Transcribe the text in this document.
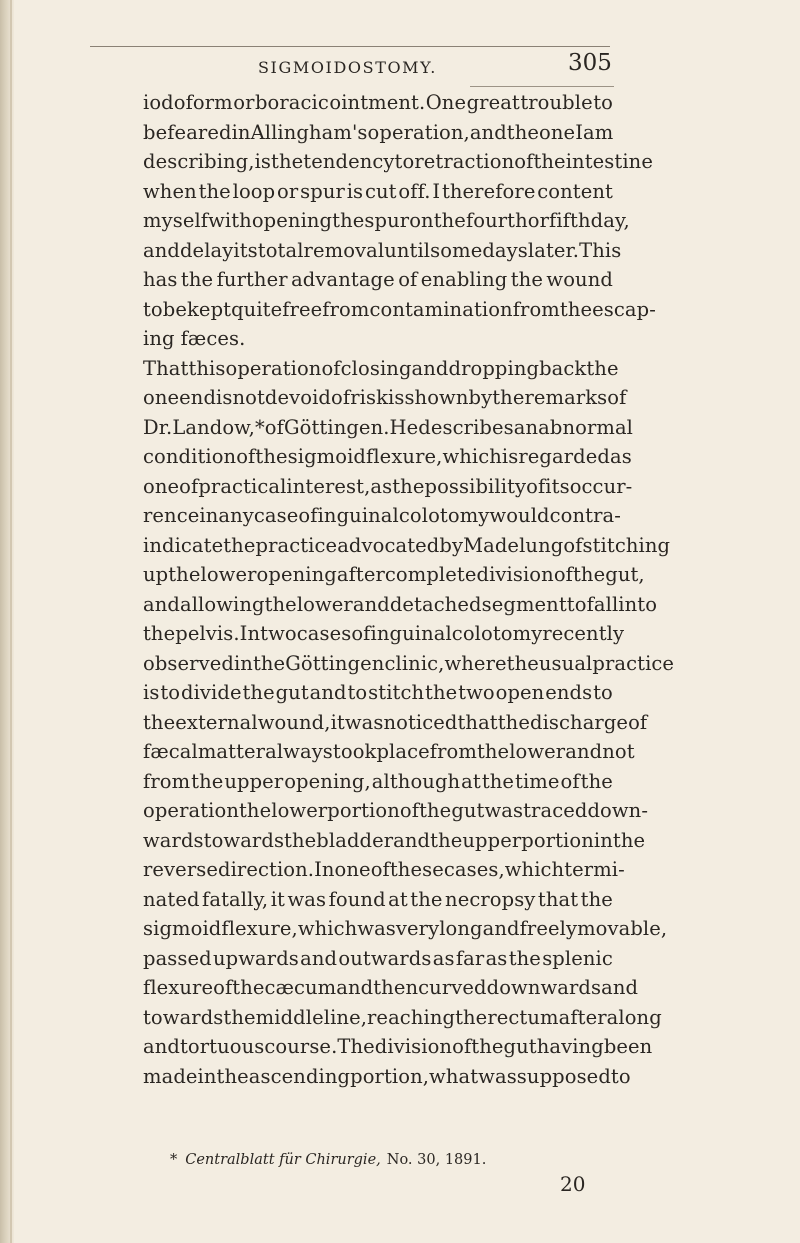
SIGMOIDOSTOMY.	305
iodoform or boracic ointment. One great trouble to
be feared in Allingham's operation, and the one I am
describing, is the tendency to retraction of the intestine
when the loop or spur is cut off. I therefore content
myself with opening the spur on the fourth or fifth day,
and delay its total removal until some days later. This
has the further advantage of enabling the wound
to be kept quite free from contamination from the escap-
ing fæces.
That this operation of closing and dropping back the
one end is not devoid of risk is shown by the remarks of
Dr. Landow,* of Göttingen. He describes an abnormal
condition of the sigmoid flexure, which is regarded as
one of practical interest, as the possibility of its occur-
rence in any case of inguinal colotomy would contra-
indicate the practice advocated by Madelung of stitching
up the lower opening after complete division of the gut,
and allowing the lower and detached segment to fall into
the pelvis. In two cases of inguinal colotomy recently
observed in the Göttingen clinic, where the usual practice
is to divide the gut and to stitch the two open ends to
the external wound, it was noticed that the discharge of
fæcal matter always took place from the lower and not
from the upper opening, although at the time of the
operation the lower portion of the gut was traced down-
wards towards the bladder and the upper portion in the
reverse direction. In one of these cases, which termi-
nated fatally, it was found at the necropsy that the
sigmoid flexure, which was very long and freely movable,
passed upwards and outwards as far as the splenic
flexure of the cæcum and then curved downwards and
towards the middle line, reaching the rectum after a long
and tortuous course. The division of the gut having been
made in the ascending portion, what was supposed to
* Centralblatt für Chirurgie, No. 30, 1891.
20
